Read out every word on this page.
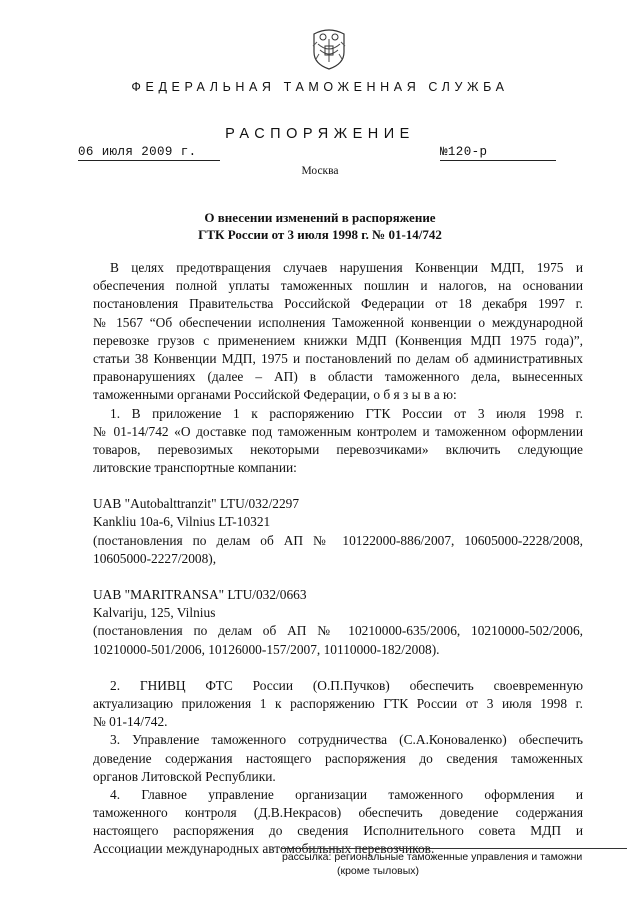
ФЕДЕРАЛЬНАЯ ТАМОЖЕННАЯ СЛУЖБА
РАСПОРЯЖЕНИЕ
06 июля 2009 г.	№120-р
Москва
О внесении изменений в распоряжение
ГТК России от 3 июля 1998 г. № 01-14/742
В целях предотвращения случаев нарушения Конвенции МДП, 1975 и
обеспечения полной уплаты таможенных пошлин и налогов, на основании
постановления Правительства Российской Федерации от 18 декабря 1997 г.
№ 1567 “Об обеспечении исполнения Таможенной конвенции о международной
перевозке грузов с применением книжки МДП (Конвенция МДП 1975 года)”,
статьи 38 Конвенции МДП, 1975 и постановлений по делам об административных
правонарушениях (далее – АП) в области таможенного дела, вынесенных
таможенными органами Российской Федерации, о б я з ы в а ю:
1. В приложение 1 к распоряжению ГТК России от 3 июля 1998 г.
№ 01-14/742 «О доставке под таможенным контролем и таможенном оформлении
товаров, перевозимых некоторыми перевозчиками» включить следующие
литовские транспортные компании:
UAB "Autobalttranzit" LTU/032/2297
Kankliu 10a-6, Vilnius LT-10321
(постановления по делам об АП № 10122000-886/2007, 10605000-2228/2008,
10605000-2227/2008),
UAB "MARITRANSA" LTU/032/0663
Kalvariju, 125, Vilnius
(постановления по делам об АП № 10210000-635/2006, 10210000-502/2006,
10210000-501/2006, 10126000-157/2007, 10110000-182/2008).
2. ГНИВЦ ФТС России (О.П.Пучков) обеспечить своевременную
актуализацию приложения 1 к распоряжению ГТК России от 3 июля 1998 г.
№ 01-14/742.
3. Управление таможенного сотрудничества (С.А.Коноваленко) обеспечить
доведение содержания настоящего распоряжения до сведения таможенных
органов Литовской Республики.
4. Главное управление организации таможенного оформления и
таможенного контроля (Д.В.Некрасов) обеспечить доведение содержания
настоящего распоряжения до сведения Исполнительного совета МДП и
Ассоциации международных автомобильных перевозчиков.
рассылка: региональные таможенные управления и таможни
(кроме тыловых)
